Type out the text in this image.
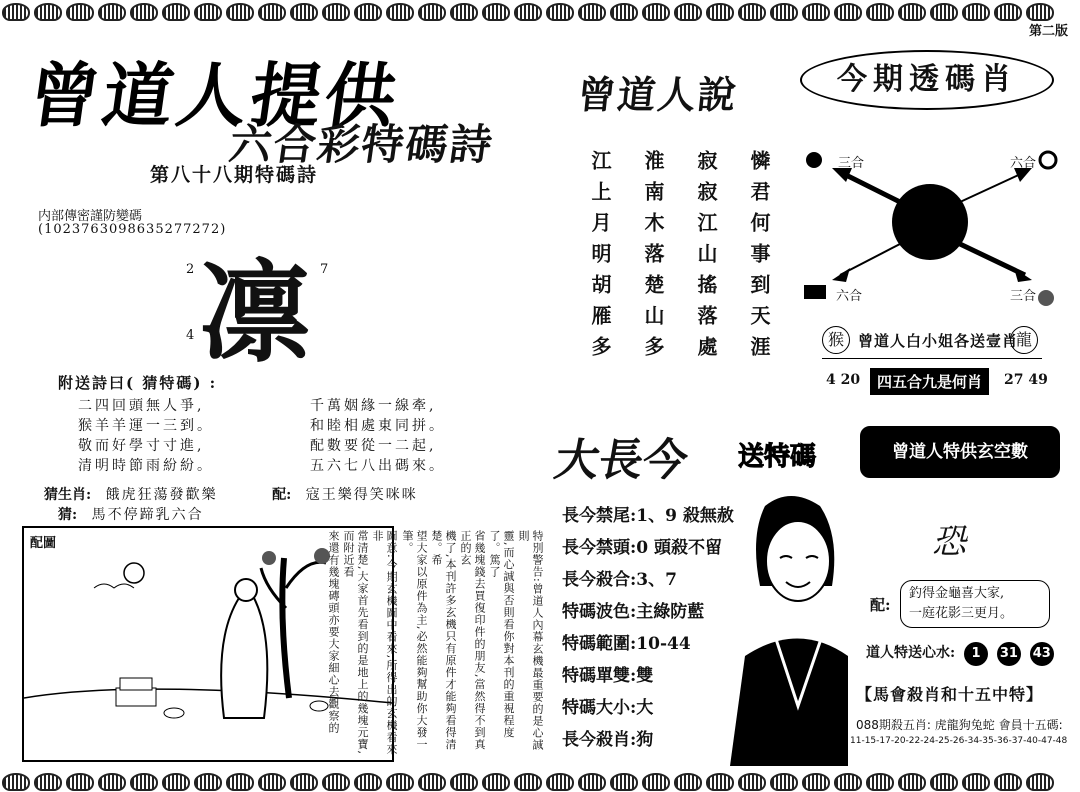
第二版
曾道人提供
六合彩特碼詩
第八十八期特碼詩
内部傳密謹防變碼
(1023763098635277272)
2	7
4 凛
附送詩曰( 猜特碼) :
二四回頭無人爭,
猴羊羊運一三到。
敬而好學寸寸進,
清明時節雨紛紛。
千萬姻緣一線牽,
和睦相處東同拼。
配數要從一二起,
五六七八出碼來。
猜生肖: 餓虎狂蕩發歡樂	配: 寇王樂得笑咪咪
猜: 馬不停蹄乳六合
配圖	特別警告:曾道人內幕玄機最重要的是心誠則
靈,而心誠與否則看你對本刊的重視程度了。篤了
省幾塊錢去買復印件的朋友,當然得不到真正的玄
機了,本刊許多玄機只有原件才能夠看得清楚。希
望大家以原件為主,必然能夠幫助你大發一筆。
圖意:今期玄機圖中看來,所得出的玄機看來非
常清楚,大家首先看到的是地上的幾塊元寶,而附近看
來還有幾塊磚頭亦要大家細心去觀察的
曾道人說
憐君何事到天涯
寂寂江山搖落處
淮南木落楚山多
江上月明胡雁多
今期透碼肖
三合	六合
六合	三合
猴 曾道人白小姐各送壹肖
龍
4 20	四五合九是何肖	27 49
大長今 送特碼	曾道人特供玄空數
長今禁尾:1、9 殺無赦
長今禁頭:0 頭殺不留
長今殺合:3、7
特碼波色:主綠防藍
特碼範圍:10-44
特碼單雙:雙
特碼大小:大
長今殺肖:狗
恐
配:
釣得金龜喜大家,
一庭花影三更月。
道人特送心水: 1 31 43
【馬會殺肖和十五中特】
088期殺五肖: 虎龍狗兔蛇 會員十五碼:
11-15-17-20-22-24-25-26-34-35-36-37-40-47-48
